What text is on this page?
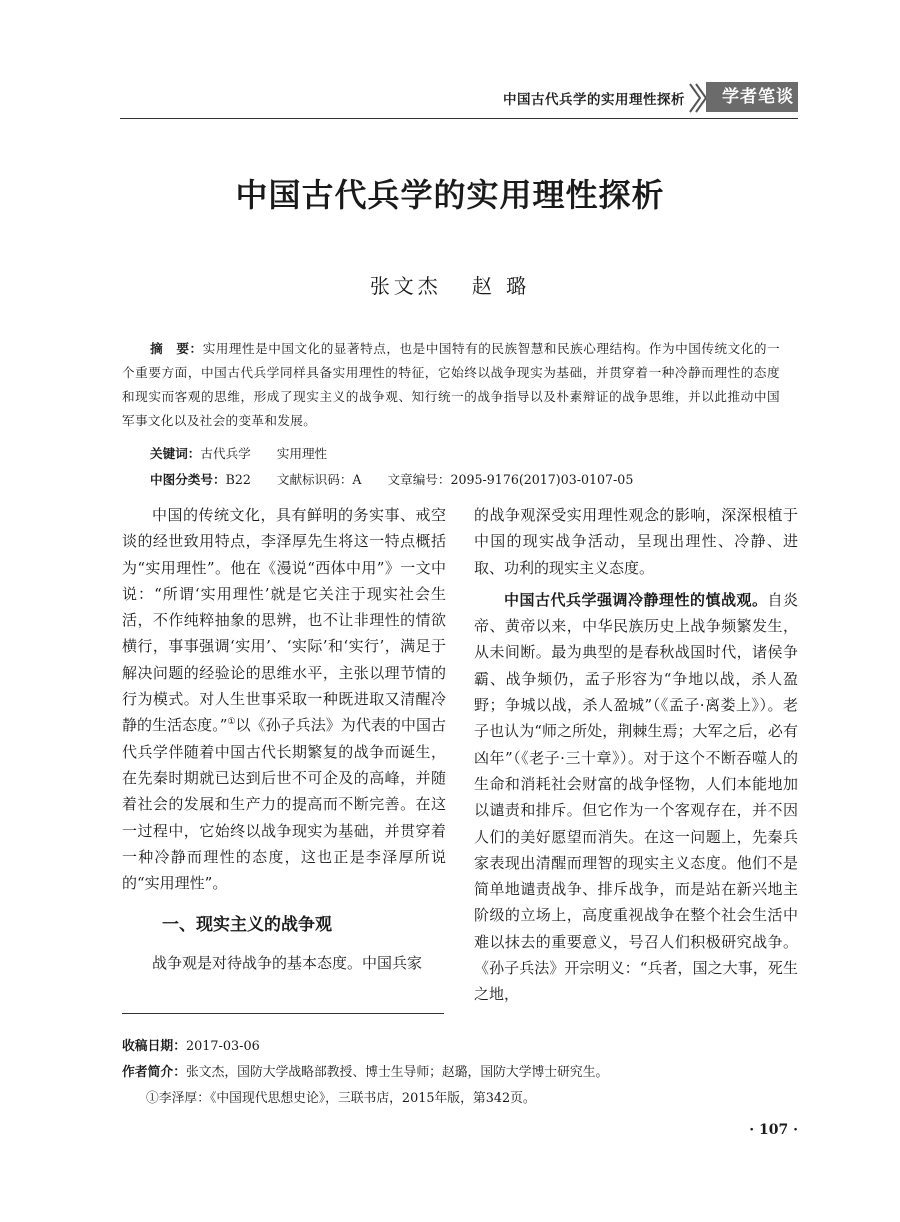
中国古代兵学的实用理性探析	学者笔谈
中国古代兵学的实用理性探析
张文杰 赵 璐
摘　要：实用理性是中国文化的显著特点，也是中国特有的民族智慧和民族心理结构。作为中国传统文化的一个重要方面，中国古代兵学同样具备实用理性的特征，它始终以战争现实为基础，并贯穿着一种冷静而理性的态度和现实而客观的思维，形成了现实主义的战争观、知行统一的战争指导以及朴素辩证的战争思维，并以此推动中国军事文化以及社会的变革和发展。
关键词：古代兵学 实用理性
中图分类号：B22 文献标识码：A 文章编号：2095-9176(2017)03-0107-05

中国的传统文化，具有鲜明的务实事、戒空谈的经世致用特点，李泽厚先生将这一特点概括为“实用理性”。他在《漫说“西体中用”》一文中说：“所谓‘实用理性’就是它关注于现实社会生活，不作纯粹抽象的思辨，也不让非理性的情欲横行，事事强调‘实用’、‘实际’和‘实行’，满足于解决问题的经验论的思维水平，主张以理节情的行为模式。对人生世事采取一种既进取又清醒冷静的生活态度。”①以《孙子兵法》为代表的中国古代兵学伴随着中国古代长期繁复的战争而诞生，在先秦时期就已达到后世不可企及的高峰，并随着社会的发展和生产力的提高而不断完善。在这一过程中，它始终以战争现实为基础，并贯穿着一种冷静而理性的态度，这也正是李泽厚所说的“实用理性”。

一、现实主义的战争观

战争观是对待战争的基本态度。中国兵家

的战争观深受实用理性观念的影响，深深根植于中国的现实战争活动，呈现出理性、冷静、进取、功利的现实主义态度。

中国古代兵学强调冷静理性的慎战观。自炎帝、黄帝以来，中华民族历史上战争频繁发生，从未间断。最为典型的是春秋战国时代，诸侯争霸、战争频仍，孟子形容为“争地以战，杀人盈野；争城以战，杀人盈城”（《孟子·离娄上》）。老子也认为“师之所处，荆棘生焉；大军之后，必有凶年”（《老子·三十章》）。对于这个不断吞噬人的生命和消耗社会财富的战争怪物，人们本能地加以谴责和排斥。但它作为一个客观存在，并不因人们的美好愿望而消失。在这一问题上，先秦兵家表现出清醒而理智的现实主义态度。他们不是简单地谴责战争、排斥战争，而是站在新兴地主阶级的立场上，高度重视战争在整个社会生活中难以抹去的重要意义，号召人们积极研究战争。《孙子兵法》开宗明义：“兵者，国之大事，死生之地，

收稿日期：2017-03-06
作者简介：张文杰，国防大学战略部教授、博士生导师；赵璐，国防大学博士研究生。
①李泽厚：《中国现代思想史论》，三联书店，2015年版，第342页。
· 107 ·
